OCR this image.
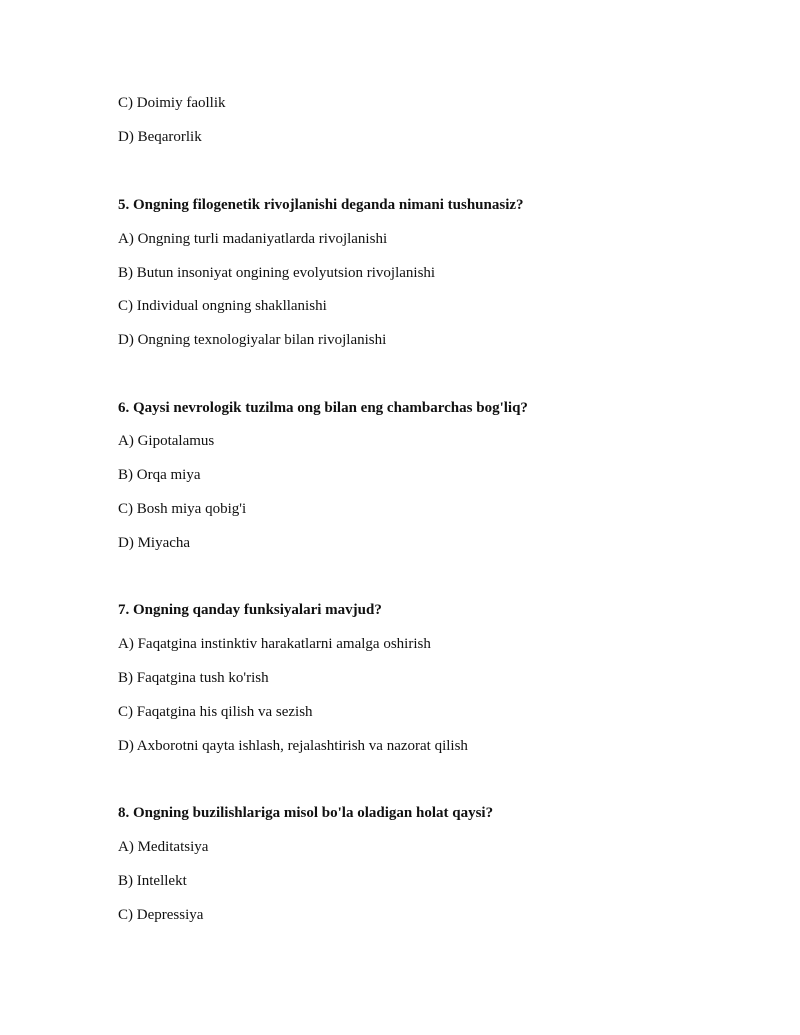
C) Doimiy faollik
D) Beqarorlik
5. Ongning filogenetik rivojlanishi deganda nimani tushunasiz?
A) Ongning turli madaniyatlarda rivojlanishi
B) Butun insoniyat ongining evolyutsion rivojlanishi
C) Individual ongning shakllanishi
D) Ongning texnologiyalar bilan rivojlanishi
6. Qaysi nevrologik tuzilma ong bilan eng chambarchas bog'liq?
A) Gipotalamus
B) Orqa miya
C) Bosh miya qobig'i
D) Miyacha
7. Ongning qanday funksiyalari mavjud?
A) Faqatgina instinktiv harakatlarni amalga oshirish
B) Faqatgina tush ko'rish
C) Faqatgina his qilish va sezish
D) Axborotni qayta ishlash, rejalashtirish va nazorat qilish
8. Ongning buzilishlariga misol bo'la oladigan holat qaysi?
A) Meditatsiya
B) Intellekt
C) Depressiya
